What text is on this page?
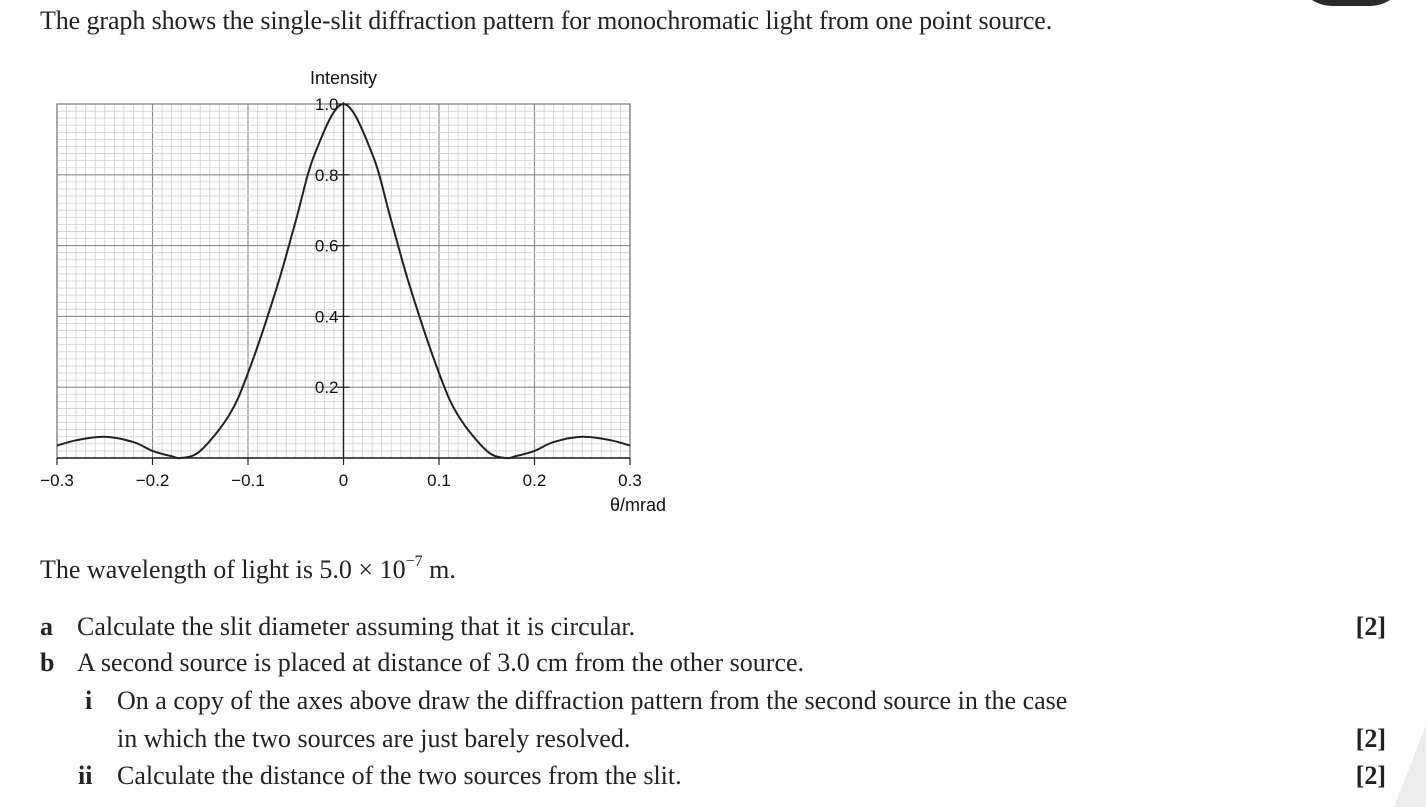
The graph shows the single-slit diffraction pattern for monochromatic light from one point source.
−0.3	−0.2	−0.1	0	0.1	0.2	0.3
0.2
0.4
0.6
0.8
1.0
Intensity
θ/mrad
The wavelength of light is $5.0 \times 10^{-7}$ m.
a Calculate the slit diameter assuming that it is circular.	[2]
b A second source is placed at distance of 3.0 cm from the other source.
i On a copy of the axes above draw the diffraction pattern from the second source in the case
in which the two sources are just barely resolved.	[2]
ii Calculate the distance of the two sources from the slit.	[2]
